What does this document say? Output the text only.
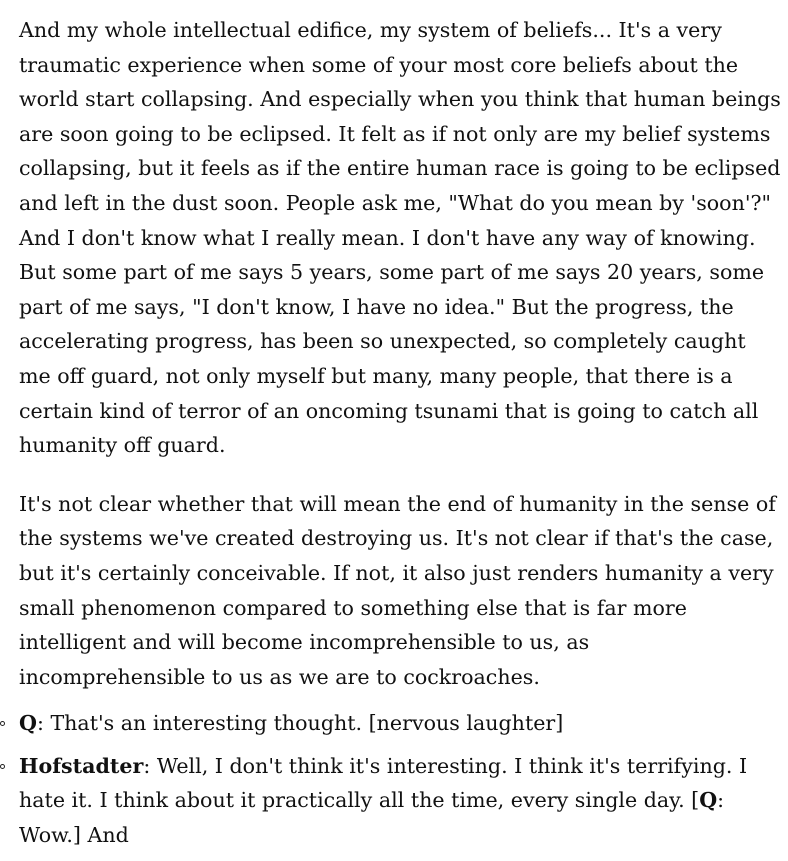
And my whole intellectual edifice, my system of beliefs... It's a very traumatic experience when some of your most core beliefs about the world start collapsing. And especially when you think that human beings are soon going to be eclipsed. It felt as if not only are my belief systems collapsing, but it feels as if the entire human race is going to be eclipsed and left in the dust soon. People ask me, "What do you mean by 'soon'?" And I don't know what I really mean. I don't have any way of knowing. But some part of me says 5 years, some part of me says 20 years, some part of me says, "I don't know, I have no idea." But the progress, the accelerating progress, has been so unexpected, so completely caught me off guard, not only myself but many, many people, that there is a certain kind of terror of an oncoming tsunami that is going to catch all humanity off guard.

It's not clear whether that will mean the end of humanity in the sense of the systems we've created destroying us. It's not clear if that's the case, but it's certainly conceivable. If not, it also just renders humanity a very small phenomenon compared to something else that is far more intelligent and will become incomprehensible to us, as incomprehensible to us as we are to cockroaches.

Q: That's an interesting thought. [nervous laughter]
Hofstadter: Well, I don't think it's interesting. I think it's terrifying. I hate it. I think about it practically all the time, every single day. [Q: Wow.] And
